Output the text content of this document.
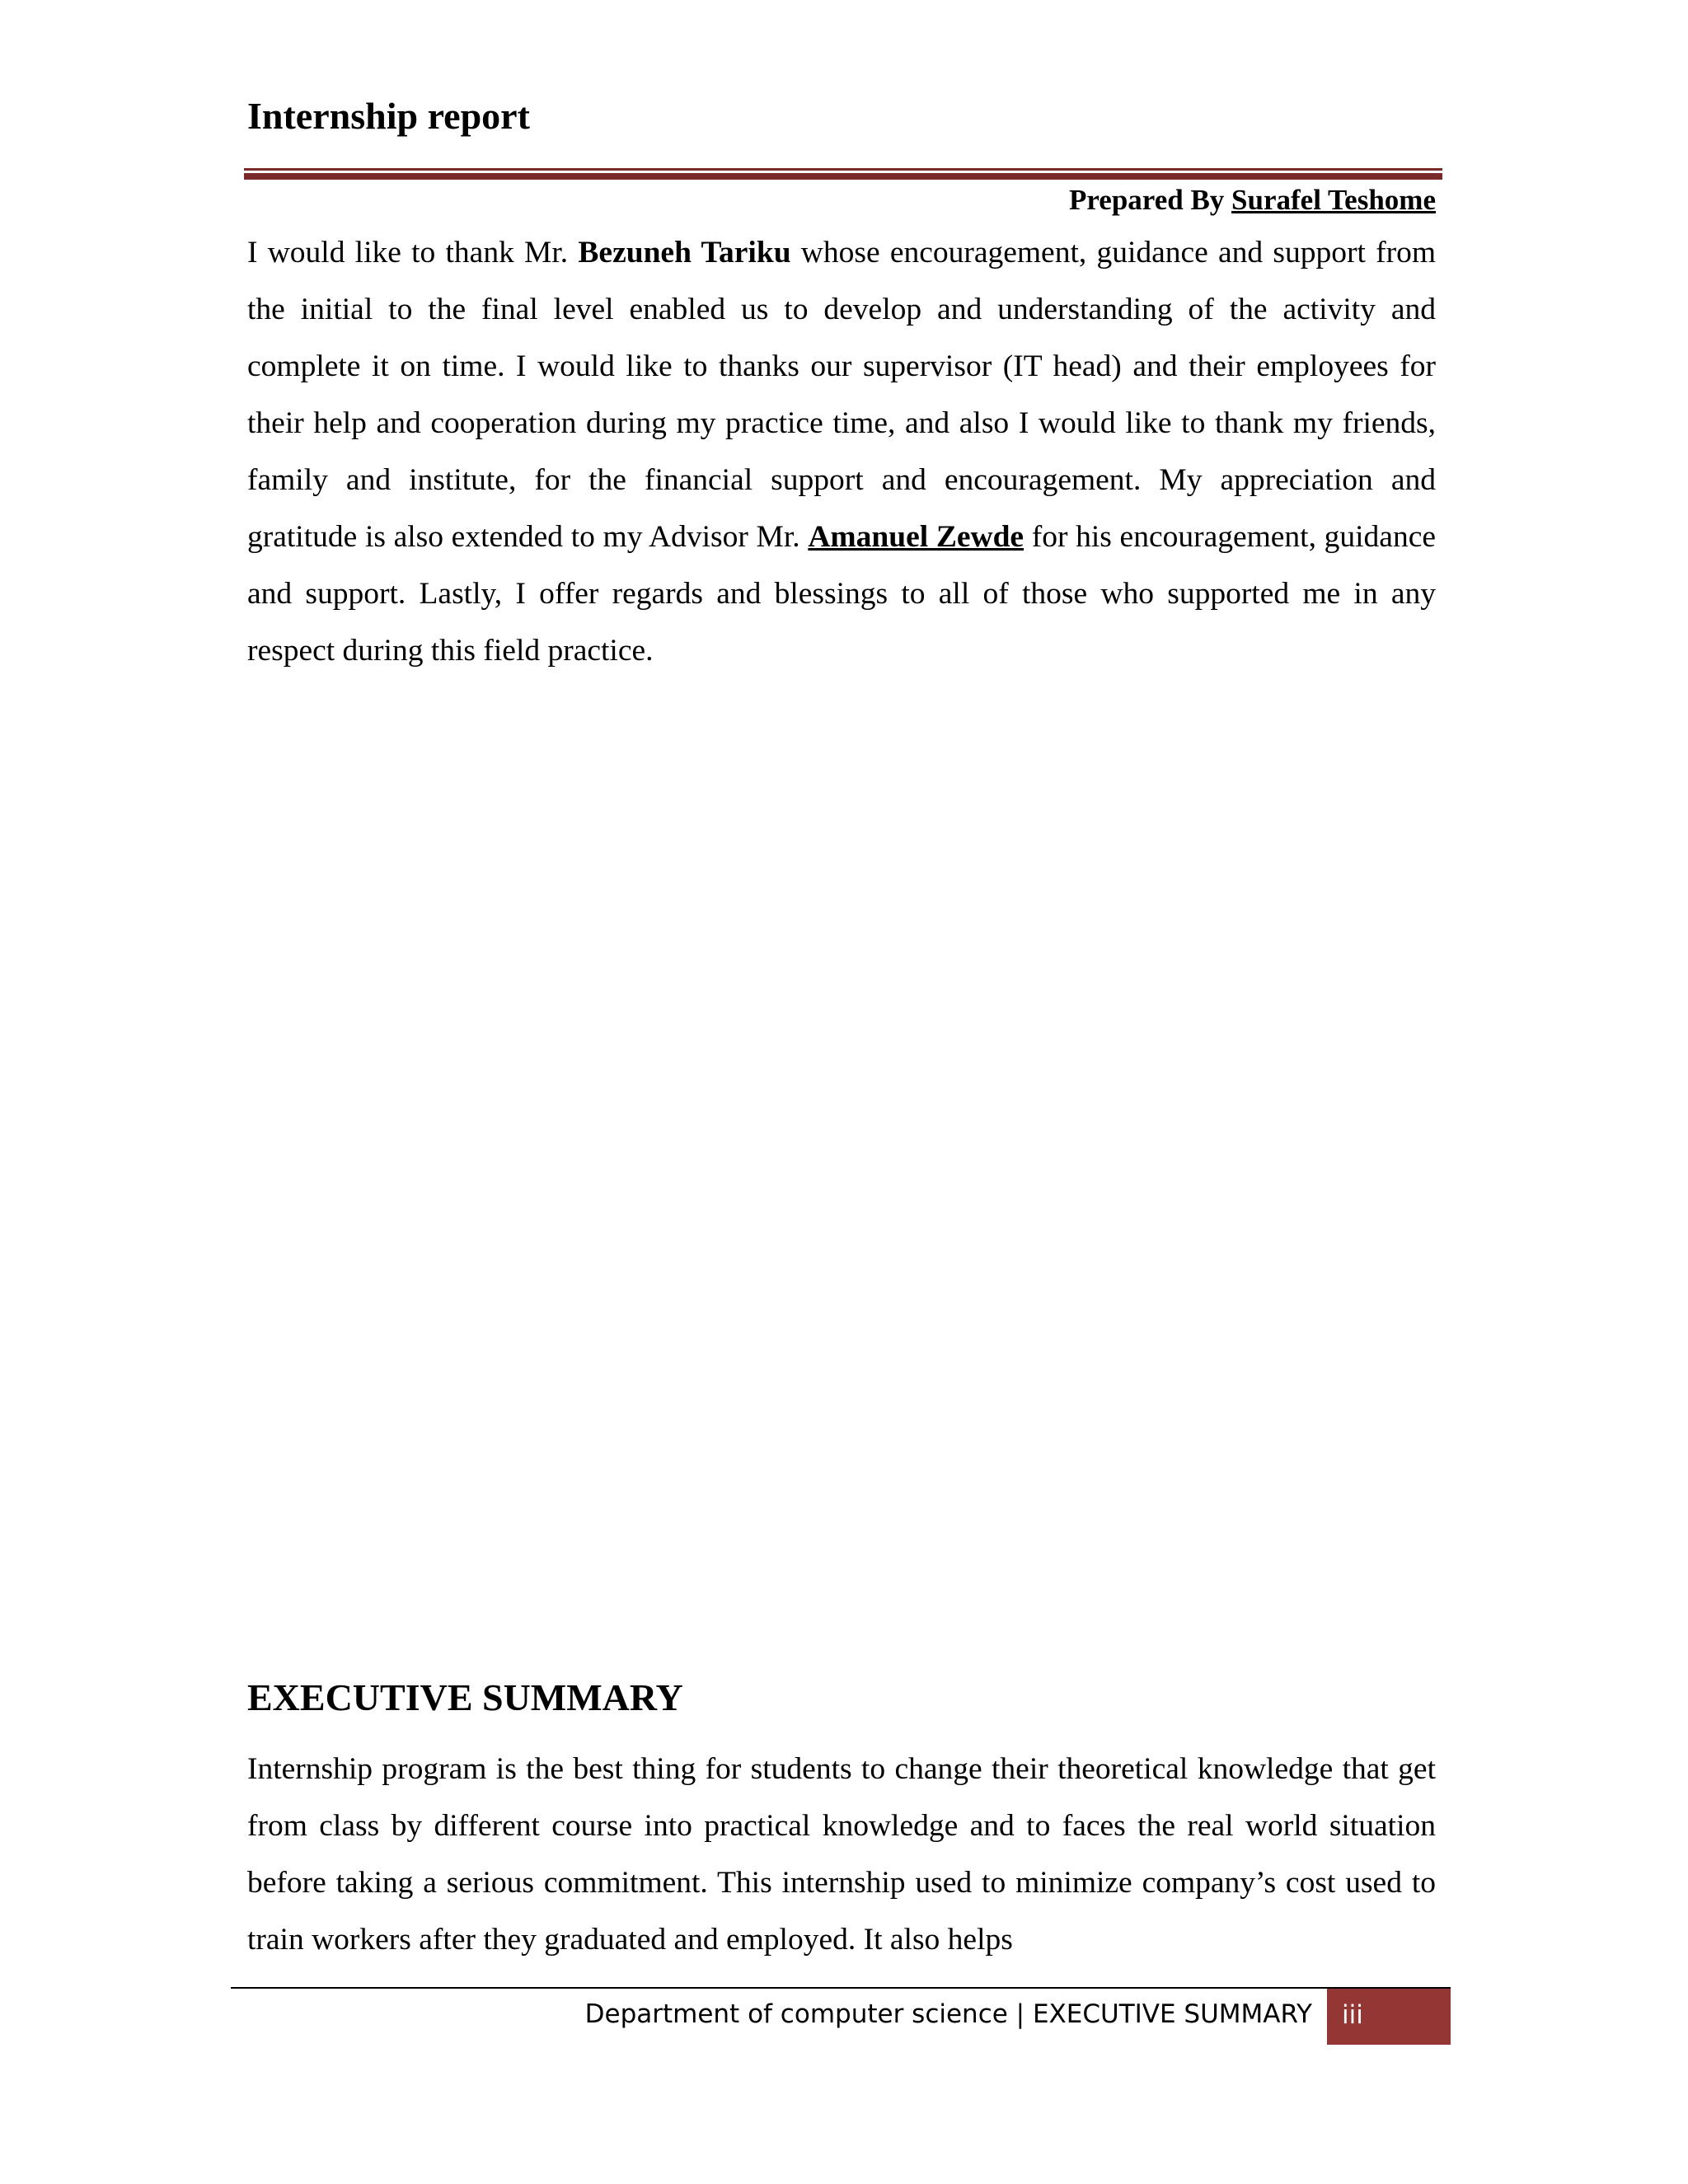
Internship report
Prepared By Surafel Teshome
I would like to thank Mr. Bezuneh Tariku whose encouragement, guidance and support from the initial to the final level enabled us to develop and understanding of the activity and complete it on time. I would like to thanks our supervisor (IT head) and their employees for their help and cooperation during my practice time, and also I would like to thank my friends, family and institute, for the financial support and encouragement. My appreciation and gratitude is also extended to my Advisor Mr. Amanuel Zewde for his encouragement, guidance and support. Lastly, I offer regards and blessings to all of those who supported me in any respect during this field practice.
EXECUTIVE SUMMARY
Internship program is the best thing for students to change their theoretical knowledge that get from class by different course into practical knowledge and to faces the real world situation before taking a serious commitment. This internship used to minimize company’s cost used to train workers after they graduated and employed. It also helps
Department of computer science | EXECUTIVE SUMMARY iii
